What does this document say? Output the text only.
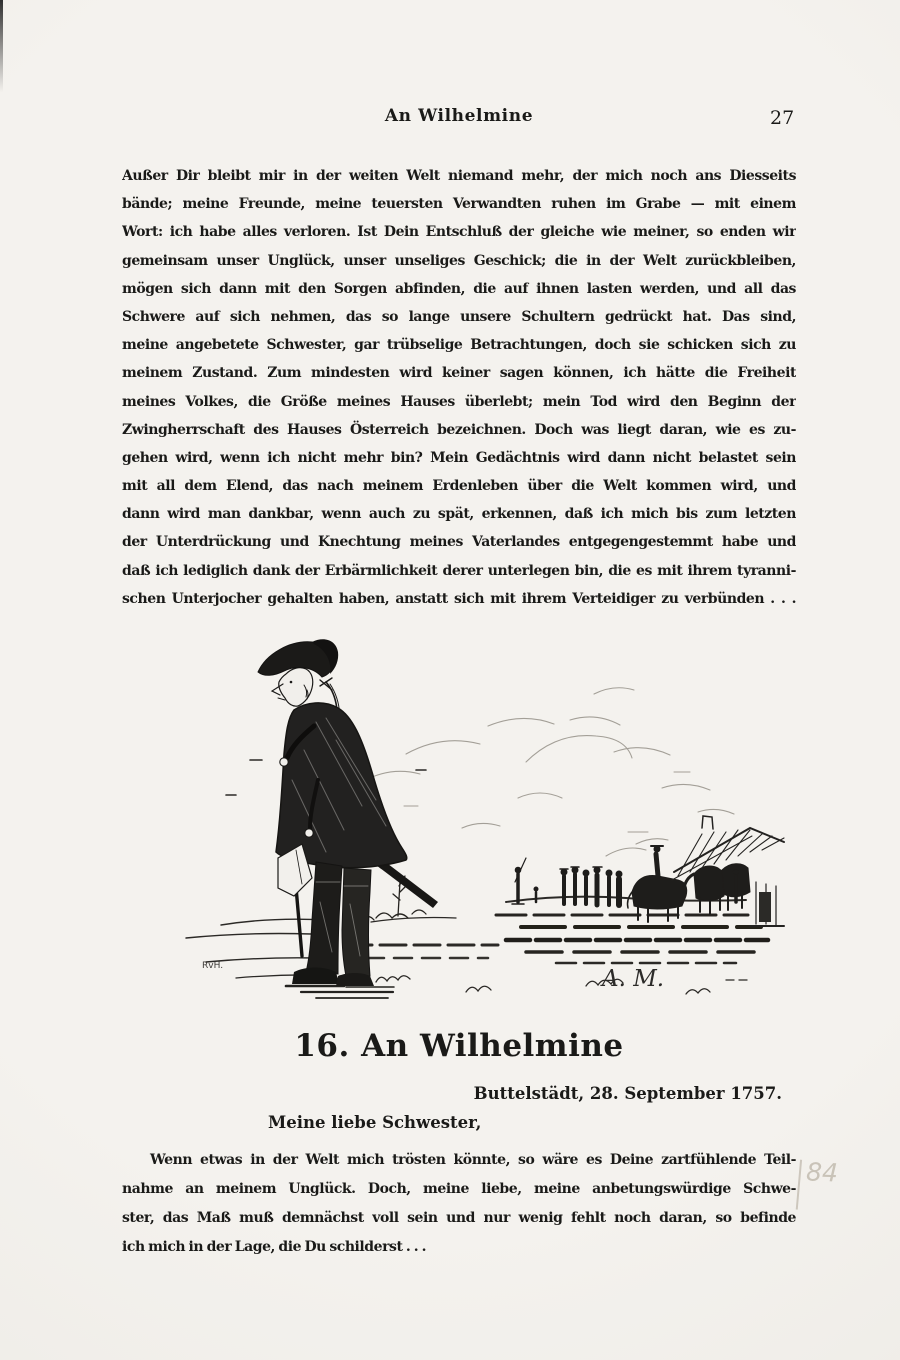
An Wilhelmine	27
Außer Dir bleibt mir in der weiten Welt niemand mehr, der mich noch ans Diesseits
bände; meine Freunde, meine teuersten Verwandten ruhen im Grabe — mit einem
Wort: ich habe alles verloren. Ist Dein Entschluß der gleiche wie meiner, so enden wir
gemeinsam unser Unglück, unser unseliges Geschick; die in der Welt zurückbleiben,
mögen sich dann mit den Sorgen abfinden, die auf ihnen lasten werden, und all das
Schwere auf sich nehmen, das so lange unsere Schultern gedrückt hat. Das sind,
meine angebetete Schwester, gar trübselige Betrachtungen, doch sie schicken sich zu
meinem Zustand. Zum mindesten wird keiner sagen können, ich hätte die Freiheit
meines Volkes, die Größe meines Hauses überlebt; mein Tod wird den Beginn der
Zwingherrschaft des Hauses Österreich bezeichnen. Doch was liegt daran, wie es zu-
gehen wird, wenn ich nicht mehr bin? Mein Gedächtnis wird dann nicht belastet sein
mit all dem Elend, das nach meinem Erdenleben über die Welt kommen wird, und
dann wird man dankbar, wenn auch zu spät, erkennen, daß ich mich bis zum letzten
der Unterdrückung und Knechtung meines Vaterlandes entgegengestemmt habe und
daß ich lediglich dank der Erbärmlichkeit derer unterlegen bin, die es mit ihrem tyranni-
schen Unterjocher gehalten haben, anstatt sich mit ihrem Verteidiger zu verbünden . . .
RvH.	A. M.
16. An Wilhelmine
Buttelstädt, 28. September 1757.
Meine liebe Schwester,
Wenn etwas in der Welt mich trösten könnte, so wäre es Deine zartfühlende Teil-
nahme an meinem Unglück. Doch, meine liebe, meine anbetungswürdige Schwe-
ster, das Maß muß demnächst voll sein und nur wenig fehlt noch daran, so befinde
ich mich in der Lage, die Du schilderst . . .
84
